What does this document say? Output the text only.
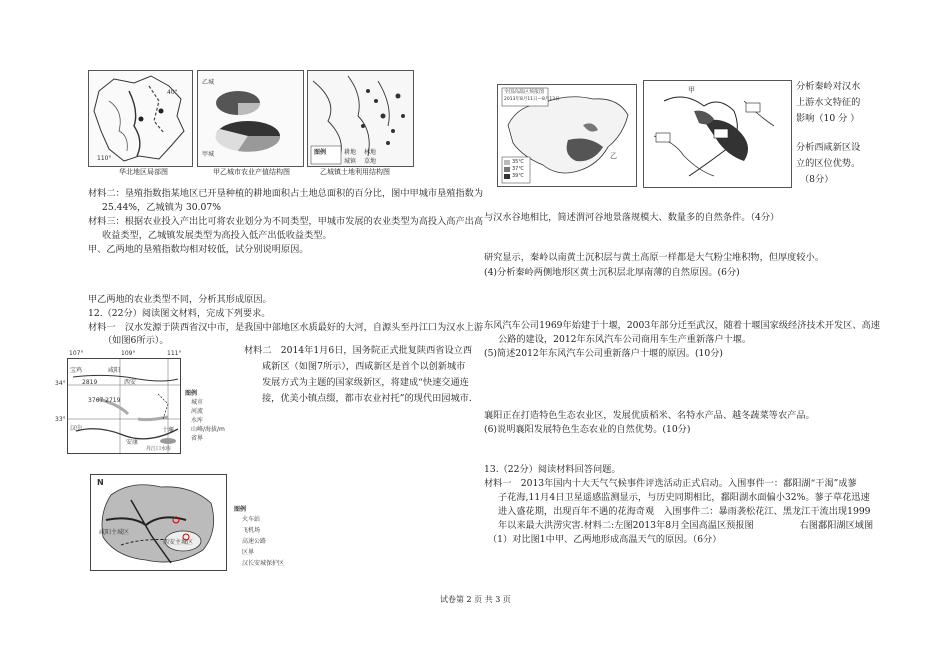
40°
110°
华北地区局部图
乙城
甲城
甲乙城市农业产值结构图
图例	耕地 林地
城镇 草地
乙城镇土地利用结构图
材料二：垦殖指数指某地区已开垦种植的耕地面积占土地总面积的百分比，图中甲城市垦殖指数为
25.44%，乙城镇为 30.07%
材料三：根据农业投入产出比可将农业划分为不同类型，甲城市发展的农业类型为高投入高产出高
收益类型，乙城镇发展类型为高投入低产出低收益类型。
甲、乙两地的垦殖指数均相对较低，试分别说明原因。
甲乙两地的农业类型不同，分析其形成原因。
12.（22分）阅读图文材料，完成下列要求。
材料一　汉水发源于陕西省汉中市，是我国中部地区水质最好的大河，自源头至丹江口为汉水上游
（如图6所示）。
107°	109°	111°
34°
33°
宝鸡	咸阳
西安
2819
3767 2719
汉中
安康
十堰
丹江口水库
图例
城市
河流
水库
山峰/海拔/m
省界
材料二　2014年1月6日，国务院正式批复陕西省设立西
咸新区（如图7所示），西咸新区是首个以创新城市
发展方式为主题的国家级新区，将建成“快速交通连
接，优美小镇点缀，都市农业衬托”的现代田园城市.
N
咸阳主城区
西安主城区
图例
火车站
飞机场
高速公路
区界
汉长安城保护区
全国高温区预报图
2013年8月11日—8月13日
35℃
37℃
39℃
乙
甲	分析秦岭对汉水
上游水文特征的
影响（10 分 ）
分析西咸新区设
立的区位优势。
（8分）
与汉水谷地相比，简述渭河谷地景落规模大、数量多的自然条件。（4分）
研究显示，秦岭以南黄土沉积层与黄土高原一样都是大气粉尘堆积物，但厚度较小。
(4)分析秦岭两侧地形区黄土沉积层北厚南薄的自然原因。(6分)
东风汽车公司1969年始建于十堰，2003年部分迁至武汉，随着十堰国家级经济技术开发区、高速
公路的建设，2012年东风汽车公司商用车生产重新落户十堰。
(5)简述2012年东风汽车公司重新落户十堰的原因。(10分)
襄阳正在打造特色生态农业区，发展优质稻米、名特水产品、越冬蔬菜等农产品。
(6)说明襄阳发展特色生态农业的自然优势。(10分)
13.（22分）阅读材料回答问题。
材料一　2013年国内十大天气气候事件评选活动正式启动。入围事件一：鄱阳湖“干渴”成蓼
子花海,11月4日卫星遥感监测显示，与历史同期相比，鄱阳湖水面偏小32%。蓼子草花迅速
进入盛花期，出现百年不遇的花海奇观　入围事件二：暴雨袭松花江、黑龙江干流出现1999
年以来最大洪涝灾害.材料二:左图2013年8月全国高温区预报图　　　　　右图鄱阳湖区域图
（1）对比图1中甲、乙两地形成高温天气的原因。（6分）
试卷第 2 页 共 3 页
